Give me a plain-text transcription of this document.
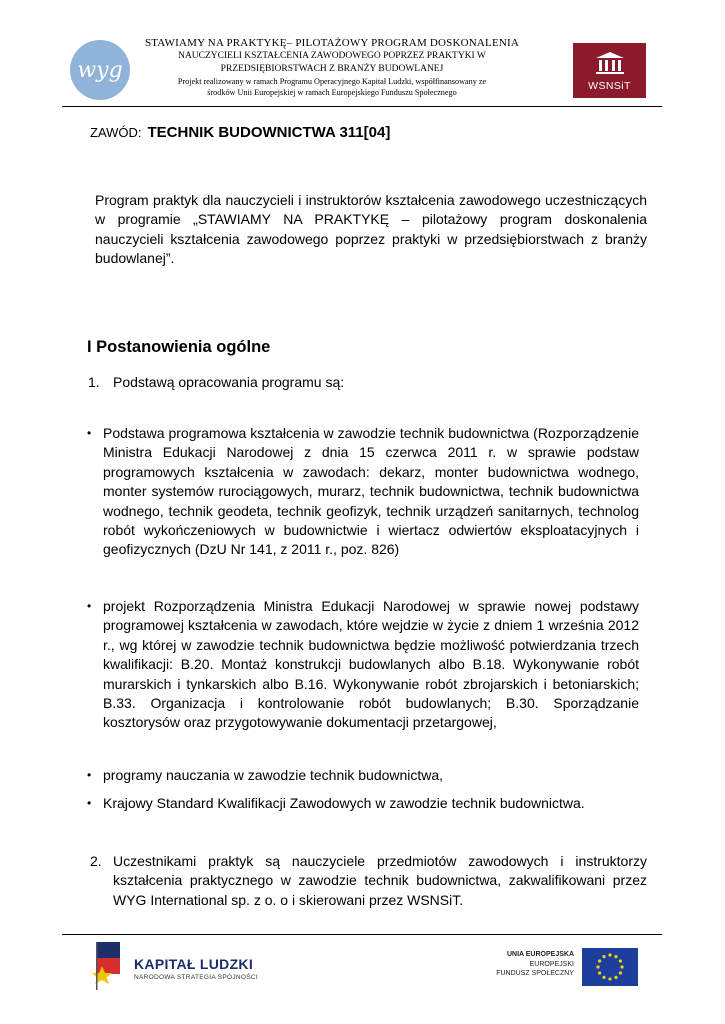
wyg
STAWIAMY NA PRAKTYKĘ– PILOTAŻOWY PROGRAM DOSKONALENIA
NAUCZYCIELI KSZTAŁCENIA ZAWODOWEGO POPRZEZ PRAKTYKI W
PRZEDSIĘBIORSTWACH Z BRANŻY BUDOWLANEJ
Projekt realizowany w ramach Programu Operacyjnego Kapitał Ludzki, współfinansowany ze
środków Unii Europejskiej w ramach Europejskiego Funduszu Społecznego
WSNSiT
ZAWÓD: TECHNIK BUDOWNICTWA 311[04]
Program praktyk dla nauczycieli i instruktorów kształcenia zawodowego uczestniczących w programie „STAWIAMY NA PRAKTYKĘ – pilotażowy program doskonalenia nauczycieli kształcenia zawodowego poprzez praktyki w przedsiębiorstwach z branży budowlanej”.
I Postanowienia ogólne
1. Podstawą opracowania programu są:
• Podstawa programowa kształcenia w zawodzie technik budownictwa (Rozporządzenie Ministra Edukacji Narodowej z dnia 15 czerwca 2011 r. w sprawie podstaw programowych kształcenia w zawodach: dekarz, monter budownictwa wodnego, monter systemów rurociągowych, murarz, technik budownictwa, technik budownictwa wodnego, technik geodeta, technik geofizyk, technik urządzeń sanitarnych, technolog robót wykończeniowych w budownictwie i wiertacz odwiertów eksploatacyjnych i geofizycznych (DzU Nr 141, z 2011 r., poz. 826)
• projekt Rozporządzenia Ministra Edukacji Narodowej w sprawie nowej podstawy programowej kształcenia w zawodach, które wejdzie w życie z dniem 1 września 2012 r., wg której w zawodzie technik budownictwa będzie możliwość potwierdzania trzech kwalifikacji: B.20. Montaż konstrukcji budowlanych albo B.18. Wykonywanie robót murarskich i tynkarskich albo B.16. Wykonywanie robót zbrojarskich i betoniarskich; B.33. Organizacja i kontrolowanie robót budowlanych; B.30. Sporządzanie kosztorysów oraz przygotowywanie dokumentacji przetargowej,
• programy nauczania w zawodzie technik budownictwa,
• Krajowy Standard Kwalifikacji Zawodowych w zawodzie technik budownictwa.
2. Uczestnikami praktyk są nauczyciele przedmiotów zawodowych i instruktorzy kształcenia praktycznego w zawodzie technik budownictwa, zakwalifikowani przez WYG International sp. z o. o i skierowani przez WSNSiT.
KAPITAŁ LUDZKI
NARODOWA STRATEGIA SPÓJNOŚCI
UNIA EUROPEJSKA
EUROPEJSKI
FUNDUSZ SPOŁECZNY
